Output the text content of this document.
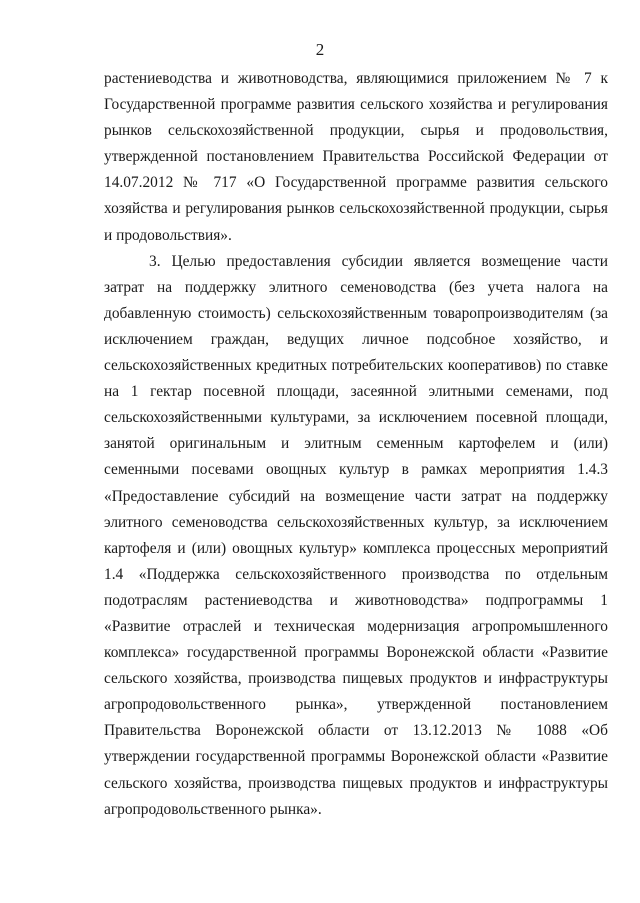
2

растениеводства и животноводства, являющимися приложением № 7 к Государственной программе развития сельского хозяйства и регулирования рынков сельскохозяйственной продукции, сырья и продовольствия, утвержденной постановлением Правительства Российской Федерации от 14.07.2012 № 717 «О Государственной программе развития сельского хозяйства и регулирования рынков сельскохозяйственной продукции, сырья и продовольствия».

3. Целью предоставления субсидии является возмещение части затрат на поддержку элитного семеноводства (без учета налога на добавленную стоимость) сельскохозяйственным товаропроизводителям (за исключением граждан, ведущих личное подсобное хозяйство, и сельскохозяйственных кредитных потребительских кооперативов) по ставке на 1 гектар посевной площади, засеянной элитными семенами, под сельскохозяйственными культурами, за исключением посевной площади, занятой оригинальным и элитным семенным картофелем и (или) семенными посевами овощных культур в рамках мероприятия 1.4.3 «Предоставление субсидий на возмещение части затрат на поддержку элитного семеноводства сельскохозяйственных культур, за исключением картофеля и (или) овощных культур» комплекса процессных мероприятий 1.4 «Поддержка сельскохозяйственного производства по отдельным подотраслям растениеводства и животноводства» подпрограммы 1 «Развитие отраслей и техническая модернизация агропромышленного комплекса» государственной программы Воронежской области «Развитие сельского хозяйства, производства пищевых продуктов и инфраструктуры агропродовольственного рынка», утвержденной постановлением Правительства Воронежской области от 13.12.2013 № 1088 «Об утверждении государственной программы Воронежской области «Развитие сельского хозяйства, производства пищевых продуктов и инфраструктуры агропродовольственного рынка».
